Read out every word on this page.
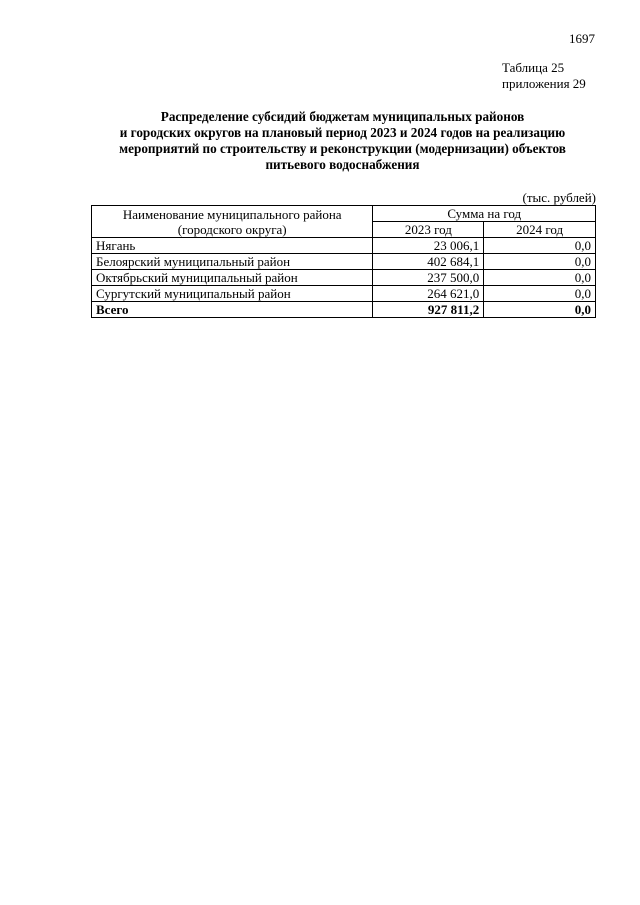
1697
Таблица 25
приложения 29
Распределение субсидий бюджетам муниципальных районов
и городских округов на плановый период 2023 и 2024 годов на реализацию
мероприятий по строительству и реконструкции (модернизации) объектов
питьевого водоснабжения
(тыс. рублей)
Наименование муниципального района
(городского округа)	Сумма на год	
	2023 год	2024 год
Нягань	23 006,1	0,0
Белоярский муниципальный район	402 684,1	0,0
Октябрьский муниципальный район	237 500,0	0,0
Сургутский муниципальный район	264 621,0	0,0
Всего	927 811,2	0,0
